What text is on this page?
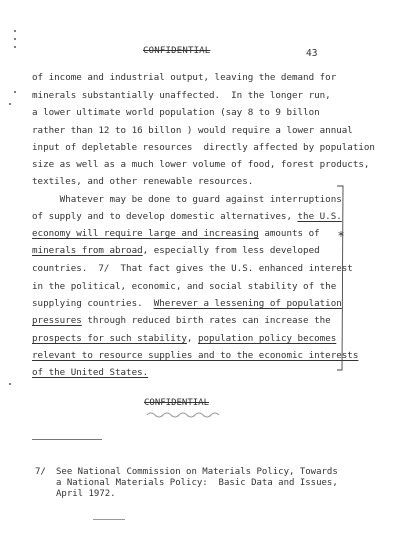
CONFIDENTIAL	43

of income and industrial output, leaving the demand for

minerals substantially unaffected.  In the longer run,

a lower ultimate world population (say 8 to 9 billon

rather than 12 to 16 billon ) would require a lower annual

input of depletable resources  directly affected by population

size as well as a much lower volume of food, forest products,

textiles, and other renewable resources.

Whatever may be done to guard against interruptions

of supply and to develop domestic alternatives, the U.S.

economy will require large and increasing amounts of

minerals from abroad, especially from less developed

countries.  7/  That fact gives the U.S. enhanced interest

in the political, economic, and social stability of the

supplying countries.  Wherever a lessening of population

pressures through reduced birth rates can increase the

prospects for such stability, population policy becomes

relevant to resource supplies and to the economic interests

of the United States.

*

CONFIDENTIAL

7/ See National Commission on Materials Policy, Towards

a National Materials Policy:  Basic Data and Issues,

April 1972.
